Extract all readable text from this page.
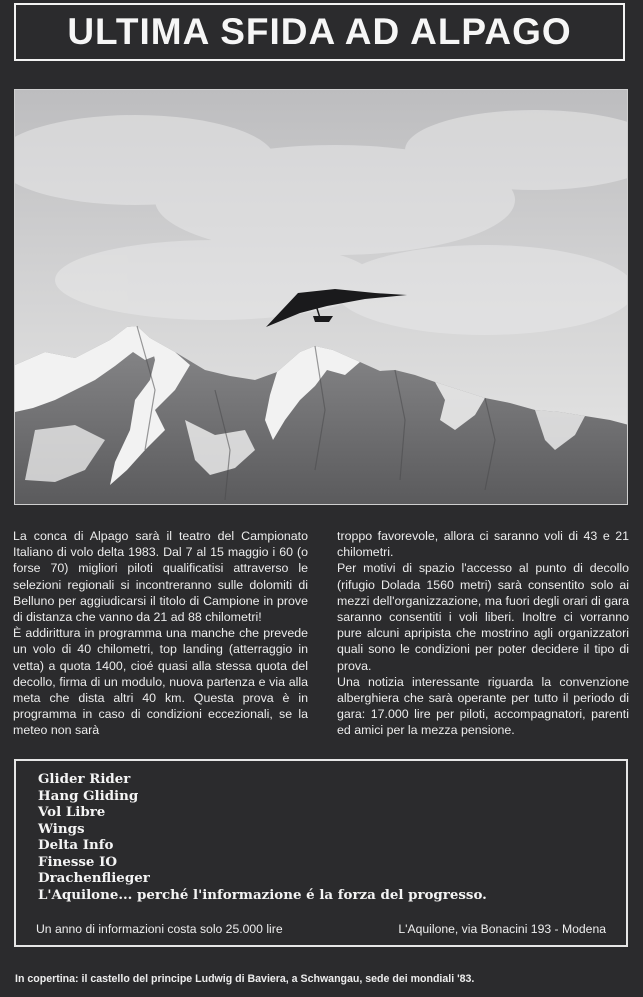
ULTIMA SFIDA AD ALPAGO

La conca di Alpago sarà il teatro del Campionato Italiano di volo delta 1983. Dal 7 al 15 maggio i 60 (o forse 70) migliori piloti qualificatisi attraverso le selezioni regionali si incontreranno sulle dolomiti di Belluno per aggiudicarsi il titolo di Campione in prove di distanza che vanno da 21 ad 88 chilometri!

È addirittura in programma una manche che prevede un volo di 40 chilometri, top landing (atterraggio in vetta) a quota 1400, cioé quasi alla stessa quota del decollo, firma di un modulo, nuova partenza e via alla meta che dista altri 40 km. Questa prova è in programma in caso di condizioni eccezionali, se la meteo non sarà

troppo favorevole, allora ci saranno voli di 43 e 21 chilometri.

Per motivi di spazio l'accesso al punto di decollo (rifugio Dolada 1560 metri) sarà consentito solo ai mezzi dell'organizzazione, ma fuori degli orari di gara saranno consentiti i voli liberi. Inoltre ci vorranno pure alcuni apripista che mostrino agli organizzatori quali sono le condizioni per poter decidere il tipo di prova.

Una notizia interessante riguarda la convenzione alberghiera che sarà operante per tutto il periodo di gara: 17.000 lire per piloti, accompagnatori, parenti ed amici per la mezza pensione.

Glider Rider
Hang Gliding
Vol Libre
Wings
Delta Info
Finesse IO
Drachenflieger
L'Aquilone... perché l'informazione é la forza del progresso.
Un anno di informazioni costa solo 25.000 lire	L'Aquilone, via Bonacini 193 - Modena
In copertina: il castello del principe Ludwig di Baviera, a Schwangau, sede dei mondiali '83.
